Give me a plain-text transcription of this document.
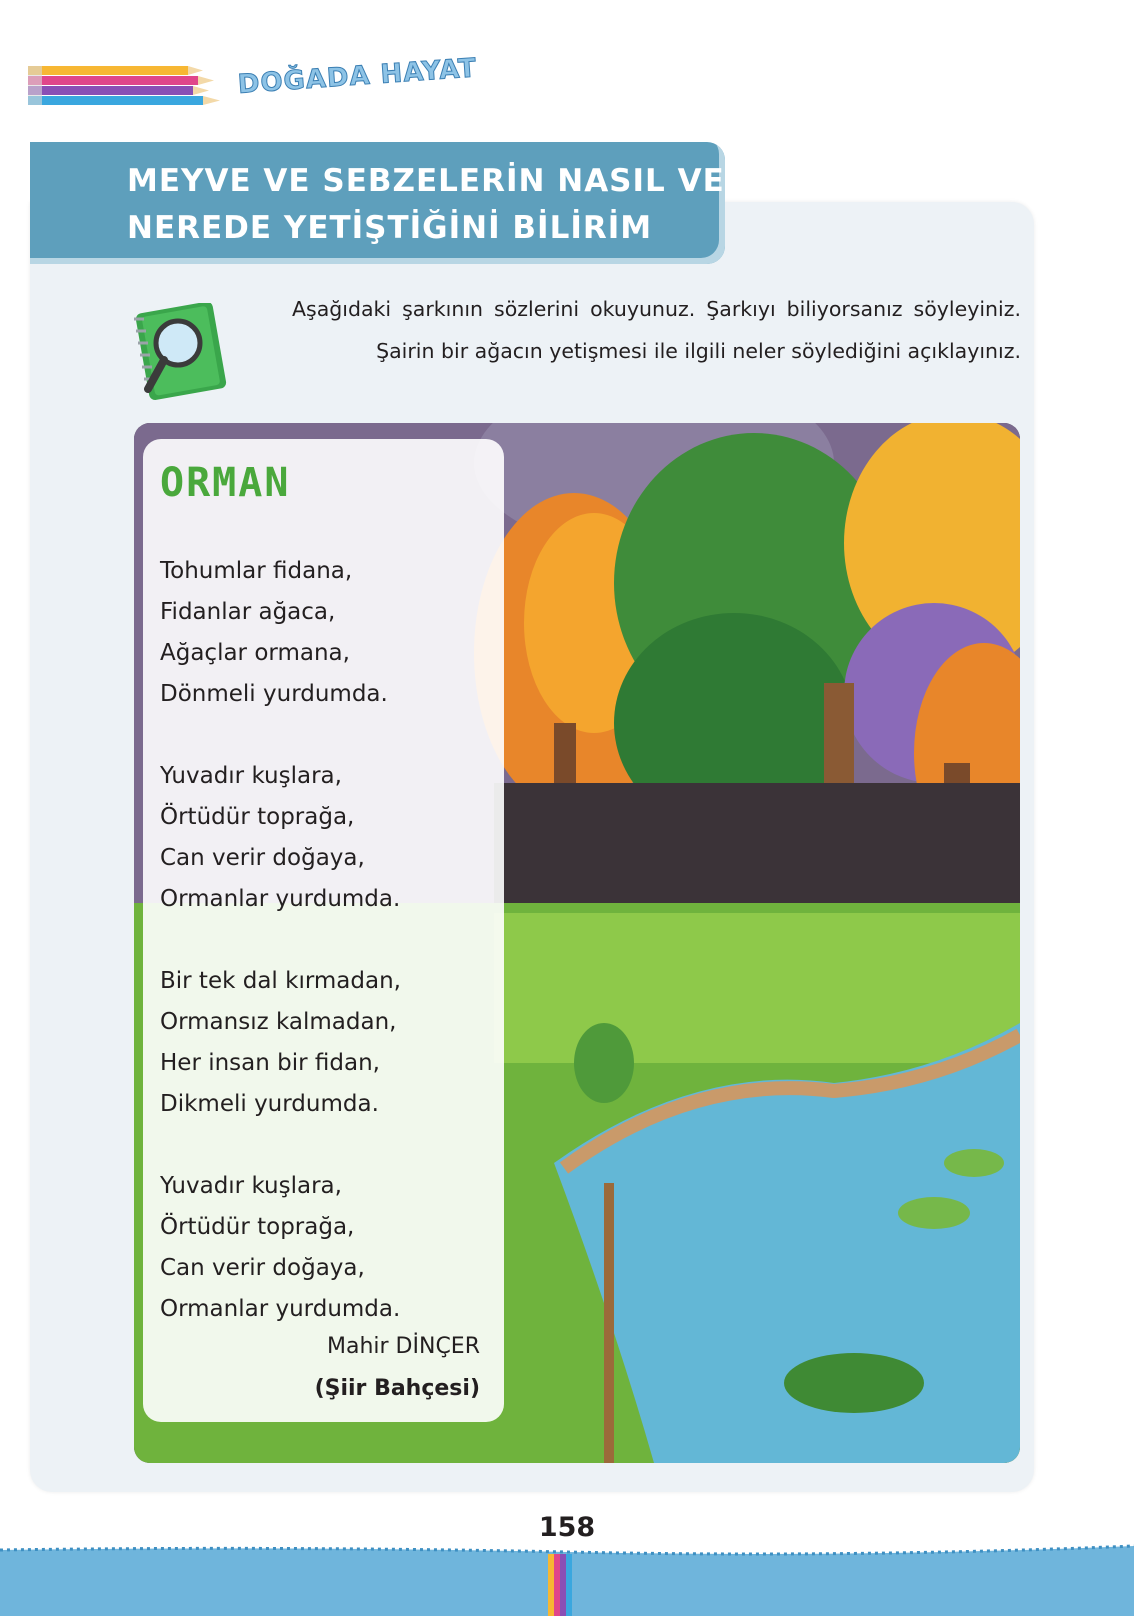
DOĞADA HAYAT
MEYVE VE SEBZELERİN NASIL VE
NEREDE YETİŞTİĞİNİ BİLİRİM

Aşağıdaki şarkının sözlerini okuyunuz. Şarkıyı biliyorsanız söyleyiniz. Şairin bir ağacın yetişmesi ile ilgili neler söylediğini açıklayınız.

ORMAN
Tohumlar fidana,
Fidanlar ağaca,
Ağaçlar ormana,
Dönmeli yurdumda.
Yuvadır kuşlara,
Örtüdür toprağa,
Can verir doğaya,
Ormanlar yurdumda.
Bir tek dal kırmadan,
Ormansız kalmadan,
Her insan bir fidan,
Dikmeli yurdumda.
Yuvadır kuşlara,
Örtüdür toprağa,
Can verir doğaya,
Ormanlar yurdumda.

Mahir DİNÇER

(Şiir Bahçesi)

158
